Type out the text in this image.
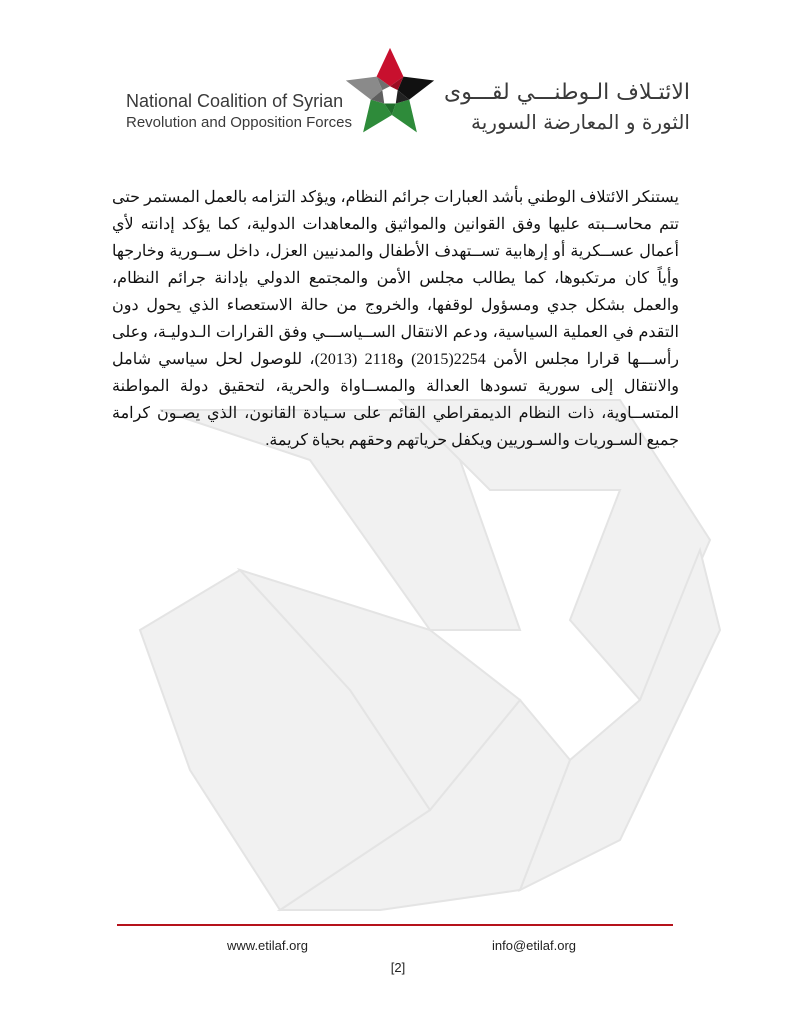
National Coalition of Syrian
Revolution and Opposition Forces
الائتـلاف الـوطنـــي لقـــوى
الثورة و المعارضة السورية

يستنكر الائتلاف الوطني بأشد العبارات جرائم النظام، ويؤكد التزامه بالعمل المستمر حتى تتم محاســبته عليها وفق القوانين والمواثيق والمعاهدات الدولية، كما يؤكد إدانته لأي أعمال عســكرية أو إرهابية تســتهدف الأطفال والمدنيين العزل، داخل ســورية وخارجها وأياً كان مرتكبوها، كما يطالب مجلس الأمن والمجتمع الدولي بإدانة جرائم النظام، والعمل بشكل جدي ومسؤول لوقفها، والخروج من حالة الاستعصاء الذي يحول دون التقدم في العملية السياسية، ودعم الانتقال الســياســـي وفق القرارات الـدوليـة، وعلى رأســـها قرارا مجلس الأمن 2254(2015) و2118 (2013)، للوصول لحل سياسي شامل والانتقال إلى سورية تسودها العدالة والمســاواة والحرية، لتحقيق دولة المواطنة المتســاوية، ذات النظام الديمقراطي القائم على سـيادة القانون، الذي يصـون كرامة جميع السـوريات والسـوريين ويكفل حرياتهم وحقهم بحياة كريمة.

www.etilaf.org	info@etilaf.org
[2]
